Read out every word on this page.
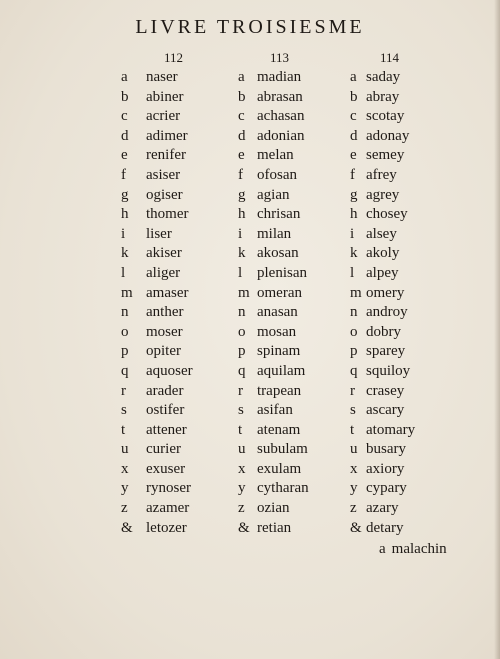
LIVRE TROISIESME
112	113	114
a naser
b abiner
c acrier
d adimer
e renifer
f asiser
g ogiser
h thomer
i liser
k akiser
l aliger
m amaser
n anther
o moser
p opiter
q aquoser
r arader
s ostifer
t attener
u curier
x exuser
y rynoser
z azamer
& letozer
a madian
b abrasan
c achasan
d adonian
e melan
f ofosan
g agian
h chrisan
i milan
k akosan
l plenisan
m omeran
n anasan
o mosan
p spinam
q aquilam
r trapean
s asifan
t atenam
u subulam
x exulam
y cytharan
z ozian
& retian
a saday
b abray
c scotay
d adonay
e semey
f afrey
g agrey
h chosey
i alsey
k akoly
l alpey
m omery
n androy
o dobry
p sparey
q squiloy
r crasey
s ascary
t atomary
u busary
x axiory
y cypary
z azary
& detary
a malachin
